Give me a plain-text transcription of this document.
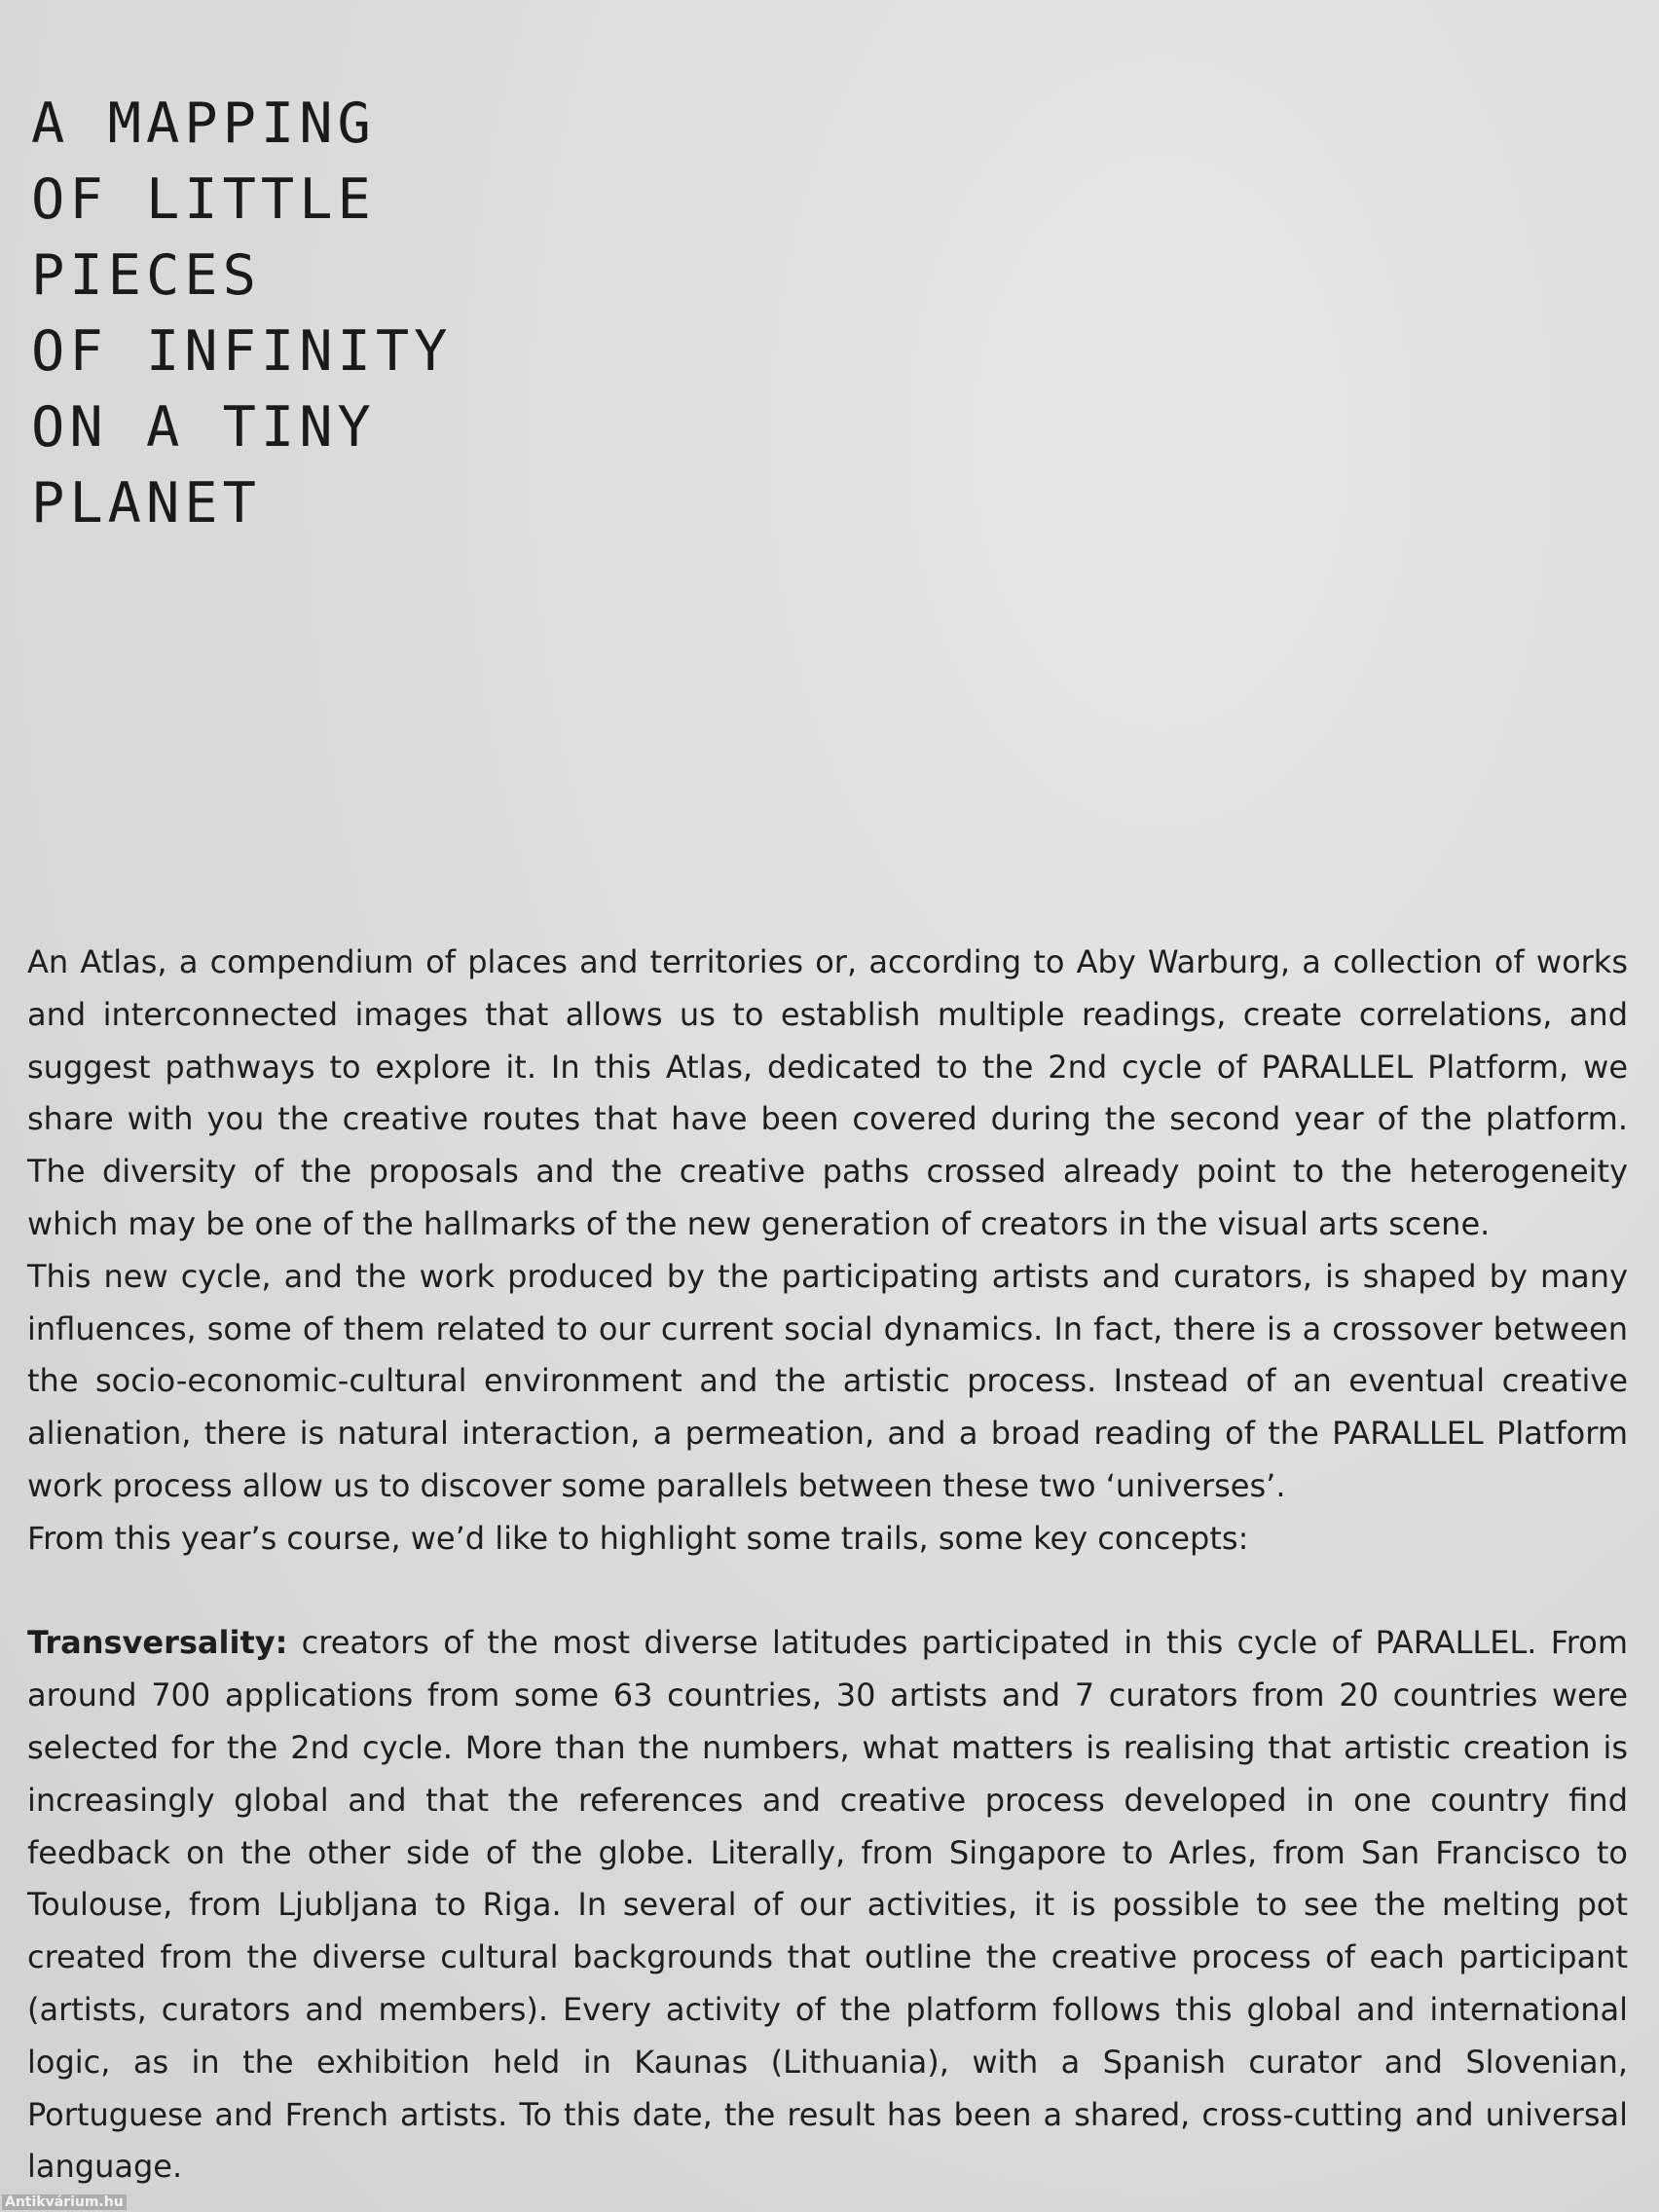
A MAPPING
OF LITTLE
PIECES
OF INFINITY
ON A TINY
PLANET

An Atlas, a compendium of places and territories or, according to Aby Warburg, a collection of works and interconnected images that allows us to establish multiple readings, create correlations, and suggest pathways to explore it. In this Atlas, dedicated to the 2nd cycle of PARALLEL Platform, we share with you the creative routes that have been covered during the second year of the platform. The diversity of the proposals and the creative paths crossed already point to the heterogeneity which may be one of the hallmarks of the new generation of creators in the visual arts scene.

This new cycle, and the work produced by the participating artists and curators, is shaped by many influences, some of them related to our current social dynamics. In fact, there is a crossover between the socio-economic-cultural environment and the artistic process. Instead of an eventual creative alienation, there is natural interaction, a permeation, and a broad reading of the PARALLEL Platform work process allow us to discover some parallels between these two ‘universes’.

From this year’s course, we’d like to highlight some trails, some key concepts:

Transversality: creators of the most diverse latitudes participated in this cycle of PARALLEL. From around 700 applications from some 63 countries, 30 artists and 7 curators from 20 countries were selected for the 2nd cycle. More than the numbers, what matters is realising that artistic creation is increasingly global and that the references and creative process developed in one country find feedback on the other side of the globe. Literally, from Singapore to Arles, from San Francisco to Toulouse, from Ljubljana to Riga. In several of our activities, it is possible to see the melting pot created from the diverse cultural backgrounds that outline the creative process of each participant (artists, curators and members). Every activity of the platform follows this global and international logic, as in the exhibition held in Kaunas (Lithuania), with a Spanish curator and Slovenian, Portuguese and French artists. To this date, the result has been a shared, cross-cutting and universal language.

Antikvárium.hu
